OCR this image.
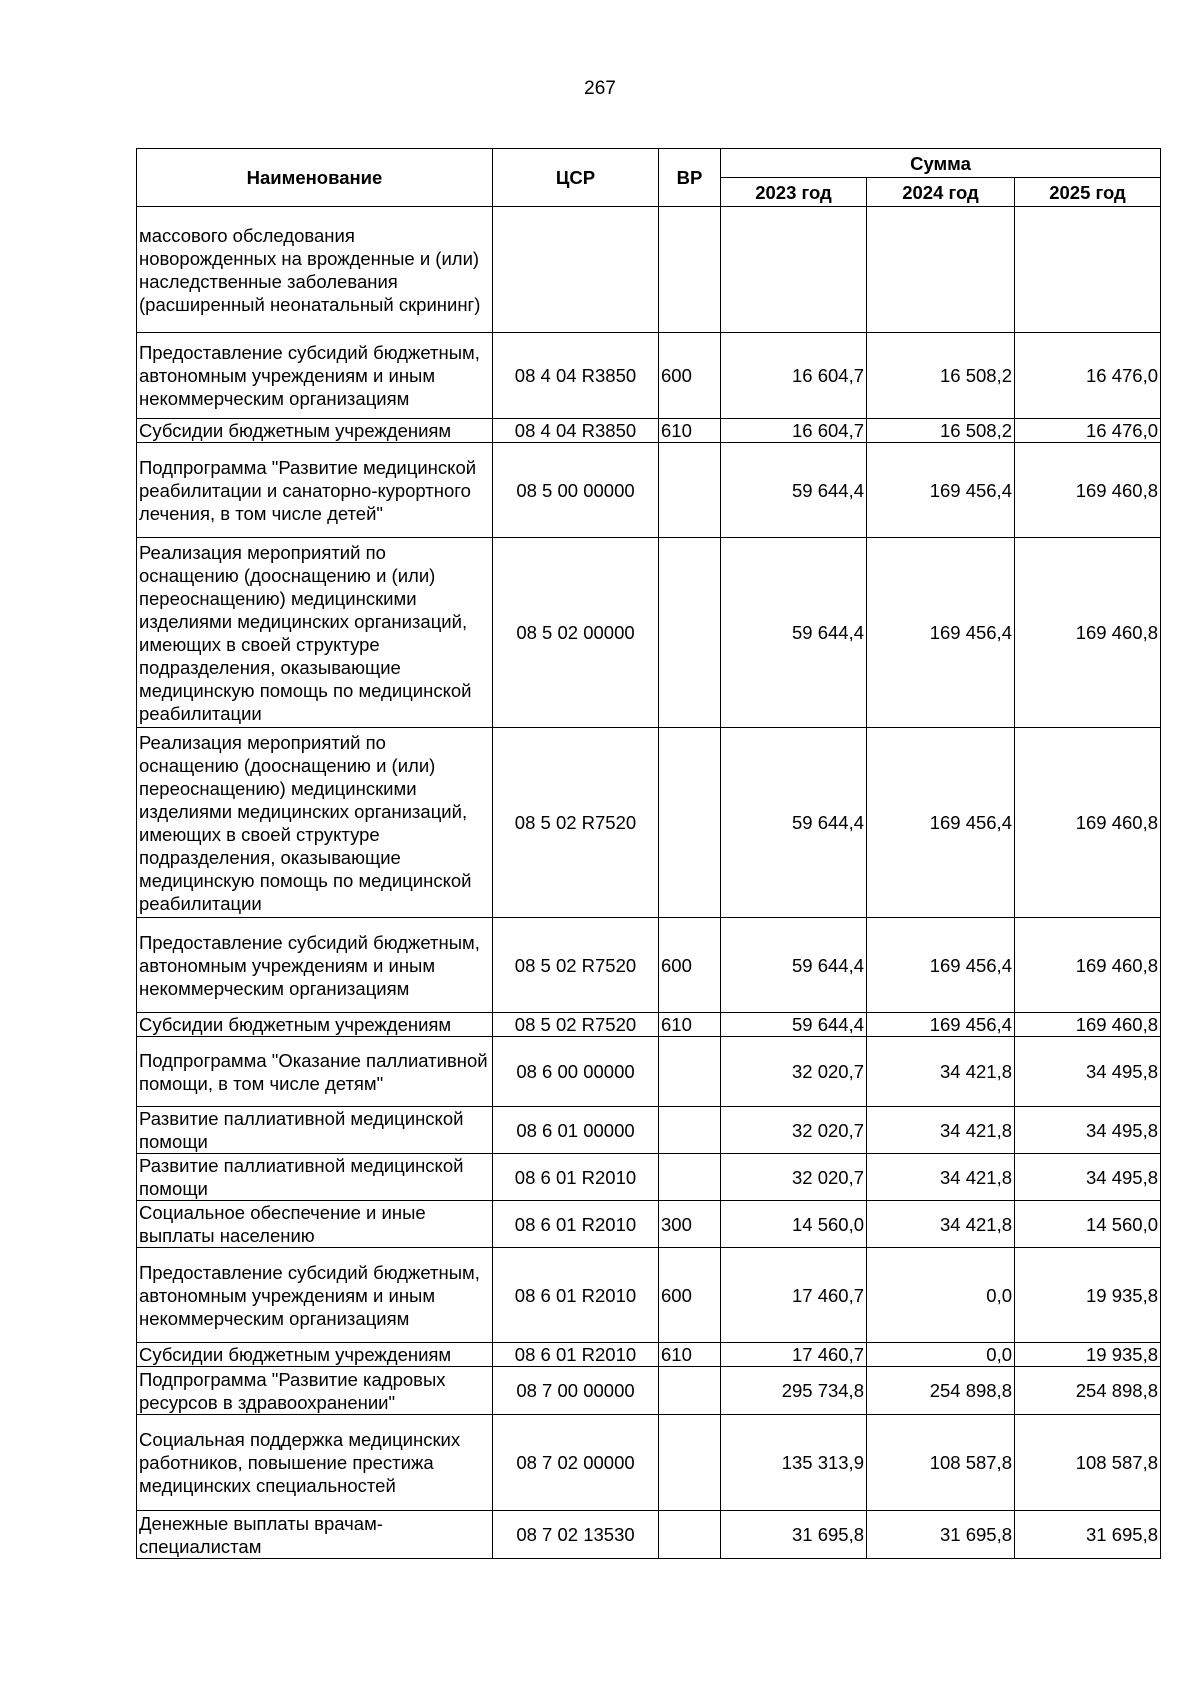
267
Наименование	ЦСР	ВР	Сумма		
			2023 год	2024 год	2025 год
массового обследования новорожденных на врожденные и (или) наследственные заболевания (расширенный неонатальный скрининг)					
Предоставление субсидий бюджетным, автономным учреждениям и иным некоммерческим организациям	08 4 04 R3850	600	16 604,7	16 508,2	16 476,0
Субсидии бюджетным учреждениям	08 4 04 R3850	610	16 604,7	16 508,2	16 476,0
Подпрограмма "Развитие медицинской реабилитации и санаторно-курортного лечения, в том числе детей"	08 5 00 00000		59 644,4	169 456,4	169 460,8
Реализация мероприятий по оснащению (дооснащению и (или) переоснащению) медицинскими изделиями медицинских организаций, имеющих в своей структуре подразделения, оказывающие медицинскую помощь по медицинской реабилитации	08 5 02 00000		59 644,4	169 456,4	169 460,8
Реализация мероприятий по оснащению (дооснащению и (или) переоснащению) медицинскими изделиями медицинских организаций, имеющих в своей структуре подразделения, оказывающие медицинскую помощь по медицинской реабилитации	08 5 02 R7520		59 644,4	169 456,4	169 460,8
Предоставление субсидий бюджетным, автономным учреждениям и иным некоммерческим организациям	08 5 02 R7520	600	59 644,4	169 456,4	169 460,8
Субсидии бюджетным учреждениям	08 5 02 R7520	610	59 644,4	169 456,4	169 460,8
Подпрограмма "Оказание паллиативной помощи, в том числе детям"	08 6 00 00000		32 020,7	34 421,8	34 495,8
Развитие паллиативной медицинской помощи	08 6 01 00000		32 020,7	34 421,8	34 495,8
Развитие паллиативной медицинской помощи	08 6 01 R2010		32 020,7	34 421,8	34 495,8
Социальное обеспечение и иные выплаты населению	08 6 01 R2010	300	14 560,0	34 421,8	14 560,0
Предоставление субсидий бюджетным, автономным учреждениям и иным некоммерческим организациям	08 6 01 R2010	600	17 460,7	0,0	19 935,8
Субсидии бюджетным учреждениям	08 6 01 R2010	610	17 460,7	0,0	19 935,8
Подпрограмма "Развитие кадровых ресурсов в здравоохранении"	08 7 00 00000		295 734,8	254 898,8	254 898,8
Социальная поддержка медицинских работников, повышение престижа медицинских специальностей	08 7 02 00000		135 313,9	108 587,8	108 587,8
Денежные выплаты врачам-специалистам	08 7 02 13530		31 695,8	31 695,8	31 695,8
